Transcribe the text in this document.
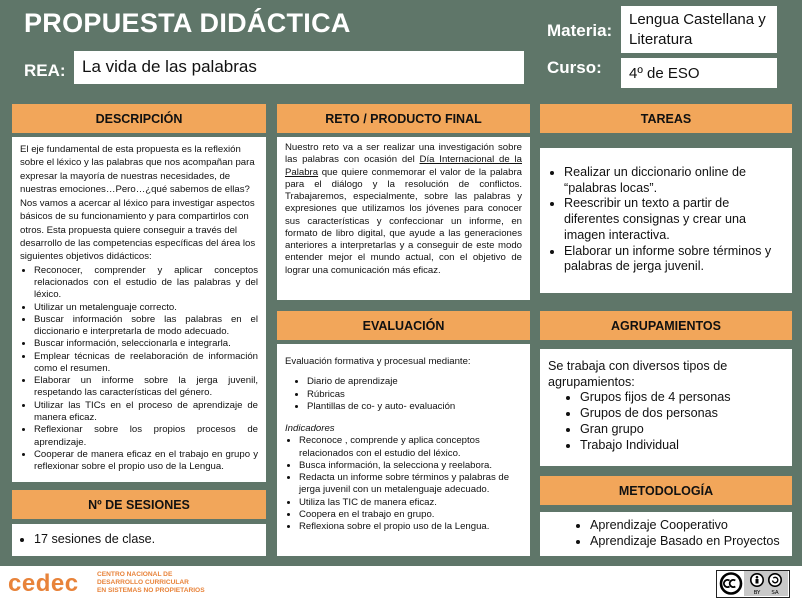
PROPUESTA DIDÁCTICA
REA: La vida de las palabras
Materia:
Lengua Castellana y Literatura
Curso:	4º de ESO
DESCRIPCIÓN

El eje fundamental de esta propuesta es la reflexión sobre el léxico y las palabras que nos acompañan para expresar la mayoría de nuestras necesidades, de nuestras emociones…Pero…¿qué sabemos de ellas? Nos vamos a acercar al léxico para investigar aspectos básicos de su funcionamiento y para compartirlos con otros. Esta propuesta quiere conseguir a través del desarrollo de las competencias específicas del área los siguientes objetivos didácticos:

• Reconocer, comprender y aplicar conceptos relacionados con el estudio de las palabras y del léxico.
• Utilizar un metalenguaje correcto.
• Buscar información sobre las palabras en el diccionario e interpretarla de modo adecuado.
• Buscar información, seleccionarla e integrarla.
• Emplear técnicas de reelaboración de información como el resumen.
• Elaborar un informe sobre la jerga juvenil, respetando las características del género.
• Utilizar las TICs en el proceso de aprendizaje de manera eficaz.
• Reflexionar sobre los propios procesos de aprendizaje.
• Cooperar de manera eficaz en el trabajo en grupo y reflexionar sobre el propio uso de la Lengua.
Nº DE SESIONES
• 17 sesiones de clase.
RETO / PRODUCTO FINAL

Nuestro reto va a ser realizar una investigación sobre las palabras con ocasión del Día Internacional de la Palabra que quiere conmemorar el valor de la palabra para el diálogo y la resolución de conflictos. Trabajaremos, especialmente, sobre las palabras y expresiones que utilizamos los jóvenes para conocer sus características y confeccionar un informe, en formato de libro digital, que ayude a las generaciones anteriores a interpretarlas y a conseguir de este modo entender mejor el mundo actual, con el objetivo de lograr una comunicación más eficaz.

EVALUACIÓN

Evaluación formativa y procesual mediante:

• Diario de aprendizaje
• Rúbricas
• Plantillas de co- y auto- evaluación

Indicadores

• Reconoce , comprende y aplica conceptos relacionados con el estudio del léxico.
• Busca información, la selecciona y reelabora.
• Redacta un informe sobre términos y palabras de jerga juvenil con un metalenguaje adecuado.
• Utiliza las TIC de manera eficaz.
• Coopera en el trabajo en grupo.
• Reflexiona sobre el propio uso de la Lengua.
TAREAS
• Realizar un diccionario online de “palabras locas”.
• Reescribir un texto a partir de diferentes consignas y crear una imagen interactiva.
• Elaborar un informe sobre términos y palabras de jerga juvenil.
AGRUPAMIENTOS

Se trabaja con diversos tipos de agrupamientos:

• Grupos fijos de 4 personas
• Grupos de dos personas
• Gran grupo
• Trabajo Individual
METODOLOGÍA
• Aprendizaje Cooperativo
• Aprendizaje Basado en Proyectos
cedec	CENTRO NACIONAL DE
DESARROLLO CURRICULAR
EN SISTEMAS NO PROPIETARIOS	BY SA
